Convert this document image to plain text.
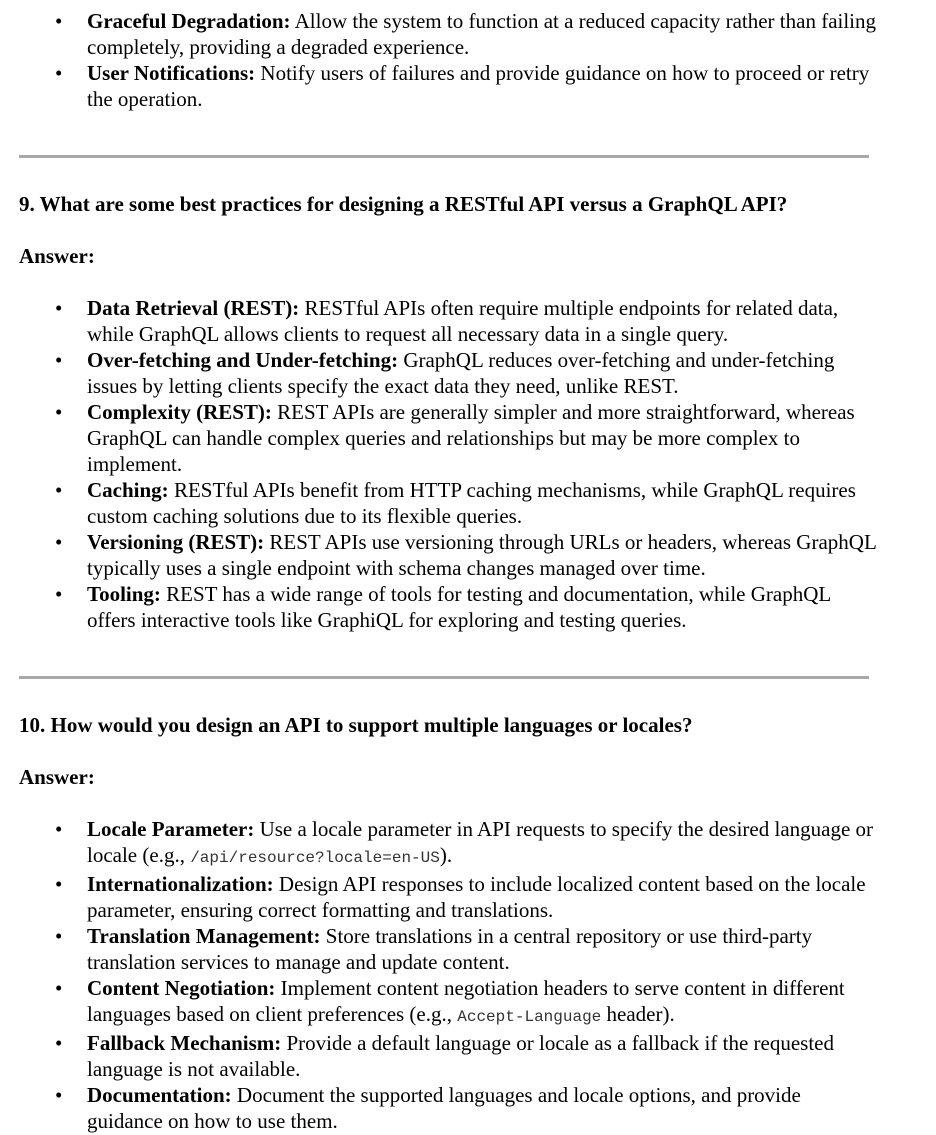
• Graceful Degradation: Allow the system to function at a reduced capacity rather than failing completely, providing a degraded experience.
• User Notifications: Notify users of failures and provide guidance on how to proceed or retry the operation.
9. What are some best practices for designing a RESTful API versus a GraphQL API?
Answer:
• Data Retrieval (REST): RESTful APIs often require multiple endpoints for related data, while GraphQL allows clients to request all necessary data in a single query.
• Over-fetching and Under-fetching: GraphQL reduces over-fetching and under-fetching issues by letting clients specify the exact data they need, unlike REST.
• Complexity (REST): REST APIs are generally simpler and more straightforward, whereas GraphQL can handle complex queries and relationships but may be more complex to implement.
• Caching: RESTful APIs benefit from HTTP caching mechanisms, while GraphQL requires custom caching solutions due to its flexible queries.
• Versioning (REST): REST APIs use versioning through URLs or headers, whereas GraphQL typically uses a single endpoint with schema changes managed over time.
• Tooling: REST has a wide range of tools for testing and documentation, while GraphQL offers interactive tools like GraphiQL for exploring and testing queries.
10. How would you design an API to support multiple languages or locales?
Answer:
• Locale Parameter: Use a locale parameter in API requests to specify the desired language or locale (e.g., /api/resource?locale=en-US).
• Internationalization: Design API responses to include localized content based on the locale parameter, ensuring correct formatting and translations.
• Translation Management: Store translations in a central repository or use third-party translation services to manage and update content.
• Content Negotiation: Implement content negotiation headers to serve content in different languages based on client preferences (e.g., Accept-Language header).
• Fallback Mechanism: Provide a default language or locale as a fallback if the requested language is not available.
• Documentation: Document the supported languages and locale options, and provide guidance on how to use them.
